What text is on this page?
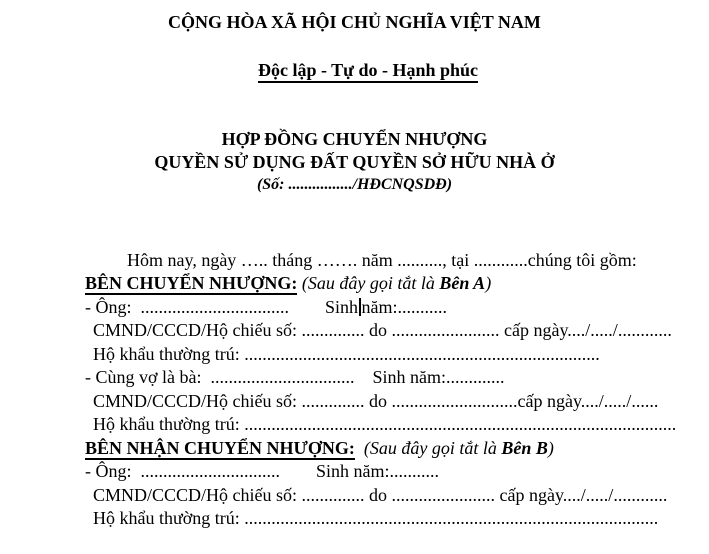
CỘNG HÒA XÃ HỘI CHỦ NGHĨA VIỆT NAM

Độc lập - Tự do - Hạnh phúc

HỢP ĐỒNG CHUYỂN NHƯỢNG
QUYỀN SỬ DỤNG ĐẤT QUYỀN SỞ HỮU NHÀ Ở
(Số: ................/HĐCNQSDĐ)

Hôm nay, ngày ….. tháng ……. năm .........., tại ............chúng tôi gồm:

BÊN CHUYỂN NHƯỢNG: (Sau đây gọi tắt là Bên A)

- Ông:  .................................        Sinh năm:...........

CMND/CCCD/Hộ chiếu số: .............. do ........................ cấp ngày..../...../............

Hộ khẩu thường trú: ...............................................................................

- Cùng vợ là bà:  ................................    Sinh năm:.............

CMND/CCCD/Hộ chiếu số: .............. do ............................cấp ngày..../...../......

Hộ khẩu thường trú: ................................................................................................

BÊN NHẬN CHUYỂN NHƯỢNG:  (Sau đây gọi tắt là Bên B)

- Ông:  ...............................        Sinh năm:...........

CMND/CCCD/Hộ chiếu số: .............. do ....................... cấp ngày..../...../............

Hộ khẩu thường trú: ............................................................................................
